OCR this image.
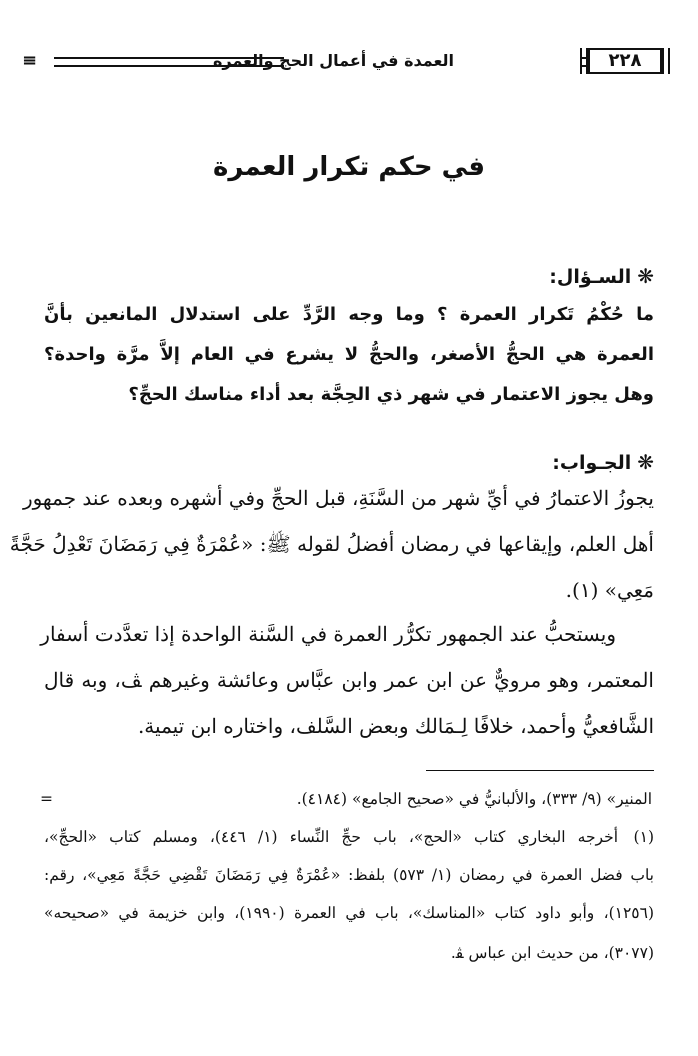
٢٢٨
العمدة في أعمال الحج والعمرة
≡
في حكم تكرار العمرة
❋السـؤال:
ما حُكْمُ تَكرار العمرة ؟ وما وجه الرَّدِّ على استدلال المانعين بأنَّ
العمرة هي الحجُّ الأصغر، والحجُّ لا يشرع في العام إلاَّ مرَّة واحدة؟
وهل يجوز الاعتمار في شهر ذي الحِجَّة بعد أداء مناسك الحجِّ؟
❋الجـواب:
يجوزُ الاعتمارُ في أيِّ شهر من السَّنَةِ، قبل الحجِّ وفي أشهره وبعده عند جمهور
أهل العلم، وإيقاعها في رمضان أفضلُ لقوله ﷺ: «عُمْرَةٌ فِي رَمَضَانَ تَعْدِلُ حَجَّةً
مَعِي» (١).
ويستحبُّ عند الجمهور تكرُّر العمرة في السَّنة الواحدة إذا تعدَّدت أسفار
المعتمر، وهو مرويٌّ عن ابن عمر وابن عبَّاس وعائشة وغيرهم ﭫ، وبه قال
الشَّافعيُّ وأحمد، خلافًا لِـمَالك وبعض السَّلف، واختاره ابن تيمية.
المنير» (٩/ ٣٣٣)، والألبانيُّ في «صحيح الجامع» (٤١٨٤).
=
(١)
أخرجه البخاري كتاب «الحج»، باب حجِّ النِّساء (١/ ٤٤٦)، ومسلم كتاب «الحجِّ»،
باب فضل العمرة في رمضان (١/ ٥٧٣) بلفظ: «عُمْرَةٌ فِي رَمَضَانَ تَقْضِي حَجَّةً مَعِي»، رقم:
(١٢٥٦)، وأبو داود كتاب «المناسك»، باب في العمرة (١٩٩٠)، وابن خزيمة في «صحيحه»
(٣٠٧٧)، من حديث ابن عباس ﭭ.
